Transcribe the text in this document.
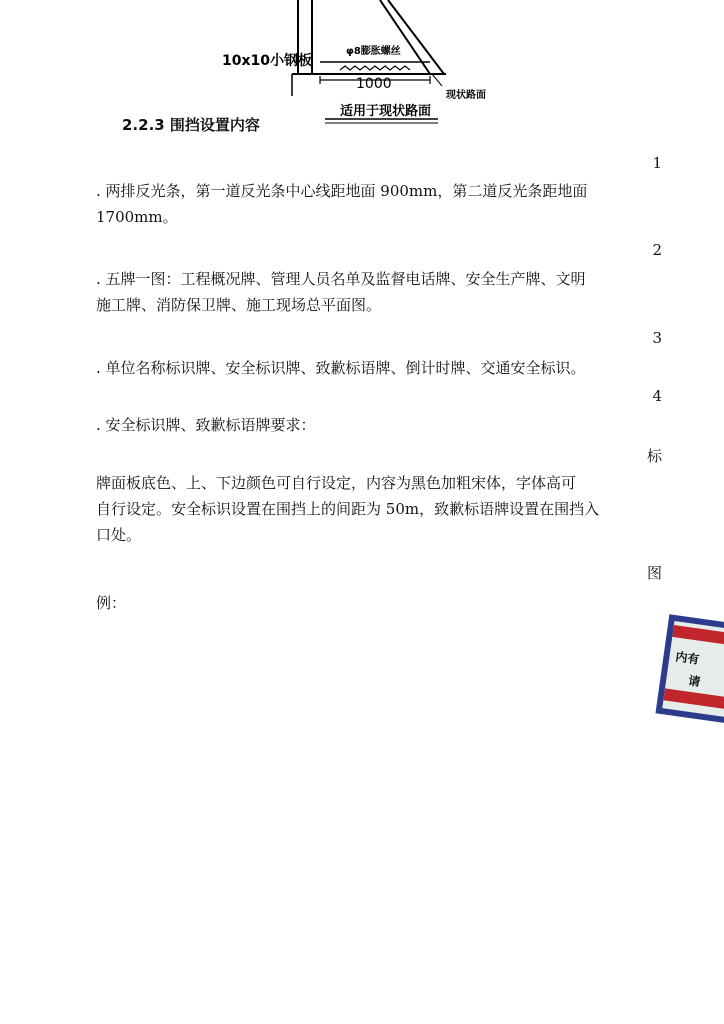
10x10小钢板
φ8膨胀螺丝
1000
现状路面
适用于现状路面
2.2.3 围挡设置内容
1
. 两排反光条，第一道反光条中心线距地面 900mm，第二道反光条距地面
1700mm。
2
. 五牌一图：工程概况牌、管理人员名单及监督电话牌、安全生产牌、文明
施工牌、消防保卫牌、施工现场总平面图。
3
. 单位名称标识牌、安全标识牌、致歉标语牌、倒计时牌、交通安全标识。
4
. 安全标识牌、致歉标语牌要求：
标
牌面板底色、上、下边颜色可自行设定，内容为黑色加粗宋体，字体高可
自行设定。安全标识设置在围挡上的间距为 50m，致歉标语牌设置在围挡入
口处。
图
例：
内有
请
